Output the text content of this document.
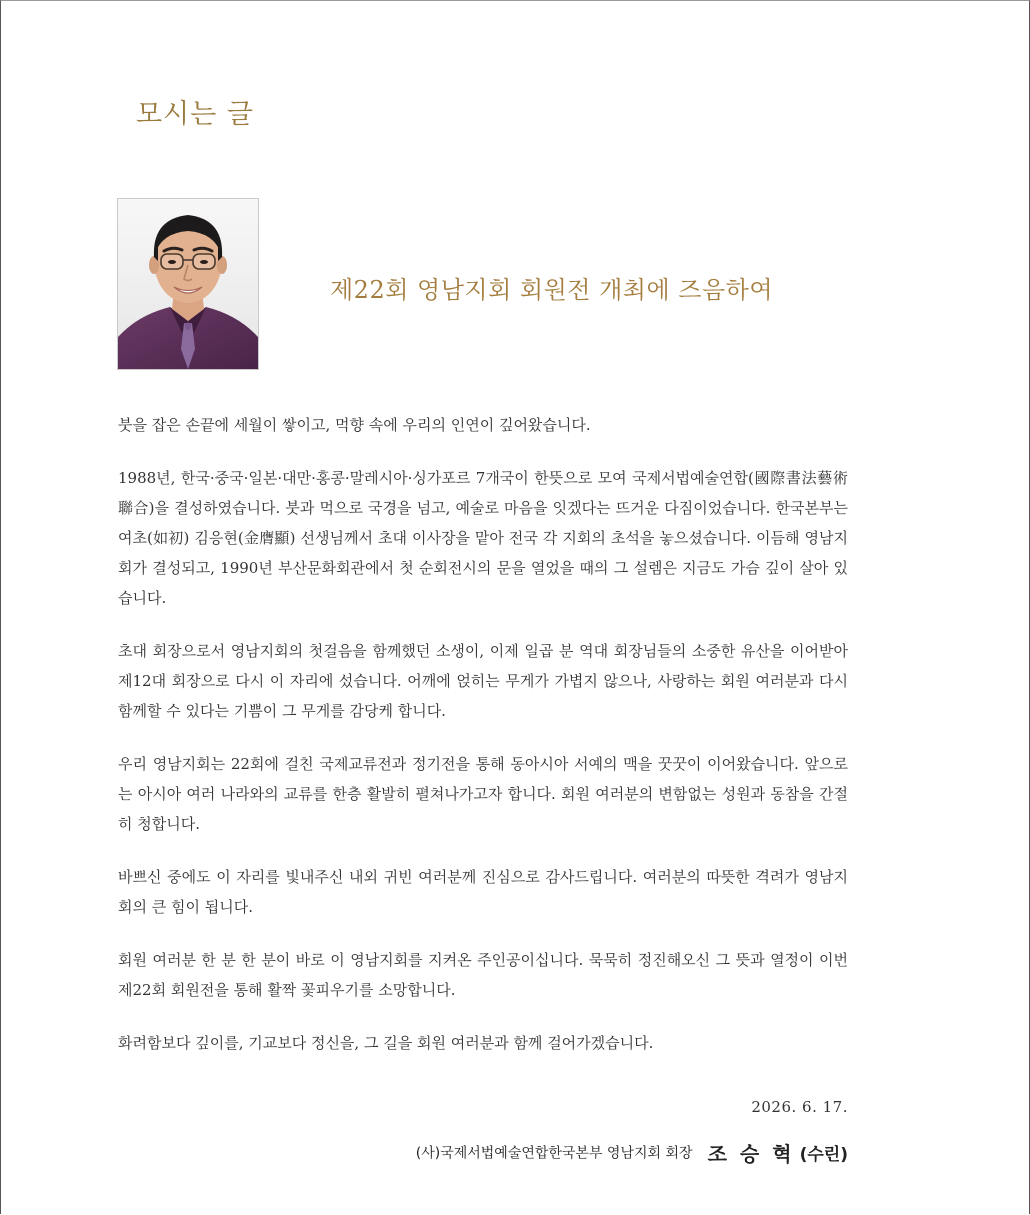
모시는 글
제22회 영남지회 회원전 개최에 즈음하여

붓을 잡은 손끝에 세월이 쌓이고, 먹향 속에 우리의 인연이 깊어왔습니다.

1988년, 한국·중국·일본·대만·홍콩·말레시아·싱가포르 7개국이 한뜻으로 모여 국제서법예술연합(國際書法藝術聯合)을 결성하였습니다. 붓과 먹으로 국경을 넘고, 예술로 마음을 잇겠다는 뜨거운 다짐이었습니다. 한국본부는 여초(如初) 김응현(金膺顯) 선생님께서 초대 이사장을 맡아 전국 각 지회의 초석을 놓으셨습니다. 이듬해 영남지회가 결성되고, 1990년 부산문화회관에서 첫 순회전시의 문을 열었을 때의 그 설렘은 지금도 가슴 깊이 살아 있습니다.

초대 회장으로서 영남지회의 첫걸음을 함께했던 소생이, 이제 일곱 분 역대 회장님들의 소중한 유산을 이어받아 제12대 회장으로 다시 이 자리에 섰습니다. 어깨에 얹히는 무게가 가볍지 않으나, 사랑하는 회원 여러분과 다시 함께할 수 있다는 기쁨이 그 무게를 감당케 합니다.

우리 영남지회는 22회에 걸친 국제교류전과 정기전을 통해 동아시아 서예의 맥을 꿋꿋이 이어왔습니다. 앞으로는 아시아 여러 나라와의 교류를 한층 활발히 펼쳐나가고자 합니다. 회원 여러분의 변함없는 성원과 동참을 간절히 청합니다.

바쁘신 중에도 이 자리를 빛내주신 내외 귀빈 여러분께 진심으로 감사드립니다. 여러분의 따뜻한 격려가 영남지회의 큰 힘이 됩니다.

회원 여러분 한 분 한 분이 바로 이 영남지회를 지켜온 주인공이십니다. 묵묵히 정진해오신 그 뜻과 열정이 이번 제22회 회원전을 통해 활짝 꽃피우기를 소망합니다.

화려함보다 깊이를, 기교보다 정신을, 그 길을 회원 여러분과 함께 걸어가겠습니다.

2026. 6. 17.
(사)국제서법예술연합한국본부 영남지회 회장 조 승 혁 (수린)
